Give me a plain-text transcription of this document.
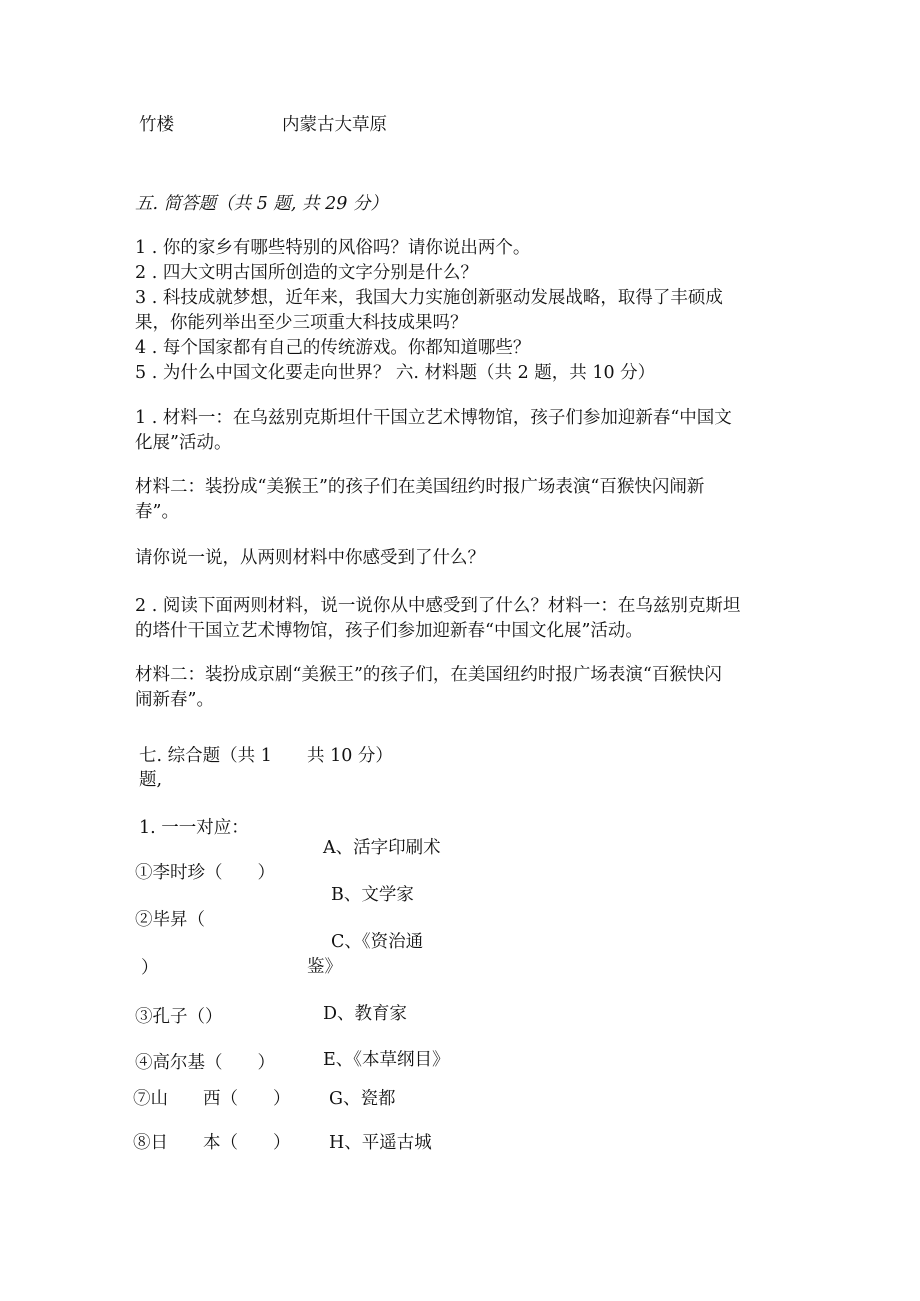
竹楼	内蒙古大草原
五. 简答题（共 5 题, 共 29 分）
1 . 你的家乡有哪些特别的风俗吗？请你说出两个。
2 . 四大文明古国所创造的文字分别是什么？
3 . 科技成就梦想，近年来，我国大力实施创新驱动发展战略，取得了丰硕成
果，你能列举出至少三项重大科技成果吗？
4 . 每个国家都有自己的传统游戏。你都知道哪些？
5 . 为什么中国文化要走向世界？ 六. 材料题（共 2 题，共 10 分）
1 . 材料一：在乌兹别克斯坦什干国立艺术博物馆，孩子们参加迎新春“中国文
化展”活动。
材料二：装扮成“美猴王”的孩子们在美国纽约时报广场表演“百猴快闪闹新
春”。
请你说一说，从两则材料中你感受到了什么？
2 . 阅读下面两则材料，说一说你从中感受到了什么？材料一：在乌兹别克斯坦
的塔什干国立艺术博物馆，孩子们参加迎新春“中国文化展”活动。
材料二：装扮成京剧“美猴王”的孩子们，在美国纽约时报广场表演“百猴快闪
闹新春”。
七. 综合题（共 1 共 10 分）
题,
1. 一一对应：
①李时珍（　　）
②毕昇（
）
③孔子（）
④高尔基（　　）
⑦山　　西（　　）
⑧日　　本（　　）
A、活字印刷术
B、文学家
C、《资治通
鉴》
D、教育家
E、《本草纲目》
G、瓷都
H、平遥古城
